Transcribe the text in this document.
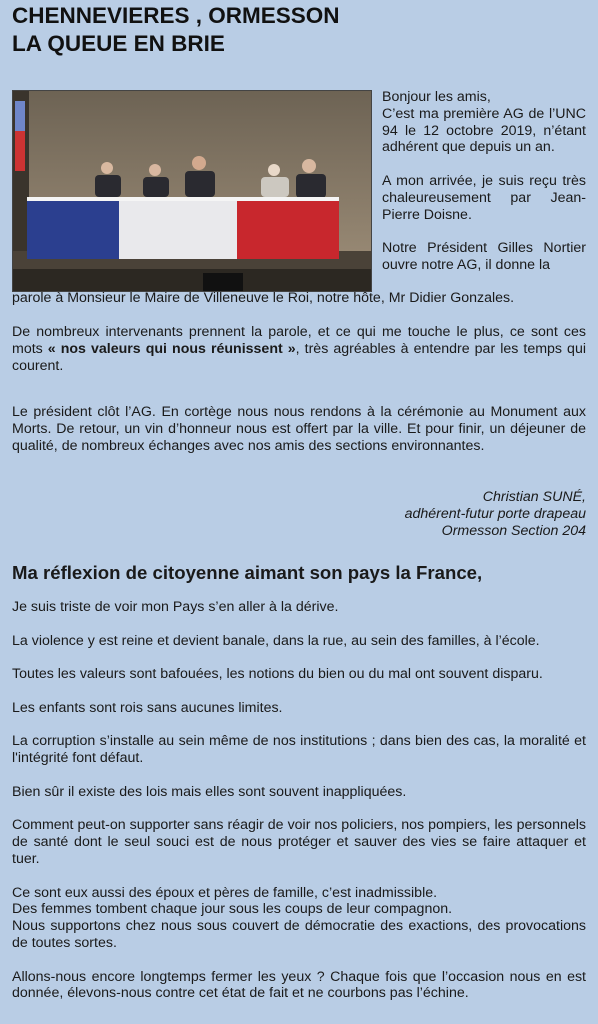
CHENNEVIERES , ORMESSON
LA QUEUE EN BRIE

Bonjour les amis,

C’est ma première AG de l’UNC 94 le 12 octobre 2019, n’étant adhérent que depuis un an.

A mon arrivée, je suis reçu très chaleureusement par Jean-Pierre Doisne.

Notre Président Gilles Nortier ouvre notre AG, il donne la

parole à Monsieur le Maire de Villeneuve le Roi, notre hôte, Mr Didier Gonzales.
De nombreux intervenants prennent la parole, et ce qui me touche le plus, ce sont ces mots « nos valeurs qui nous réunissent », très agréables à entendre par les temps qui courent.
Le président clôt l’AG. En cortège nous nous rendons à la cérémonie au Monument aux Morts. De retour, un vin d’honneur nous est offert par la ville. Et pour finir, un déjeuner de qualité, de nombreux échanges avec nos amis des sections environnantes.
Christian SUNÉ,
adhérent-futur porte drapeau
Ormesson Section 204
Ma réflexion de citoyenne aimant son pays la France,

Je suis triste de voir mon Pays s’en aller à la dérive.

La violence y est reine et devient banale, dans la rue, au sein des familles, à l’école.

Toutes les valeurs sont bafouées, les notions du bien ou du mal ont souvent disparu.

Les enfants sont rois sans aucunes limites.

La corruption s’installe au sein même de nos institutions ; dans bien des cas, la moralité et l'intégrité font défaut.

Bien sûr il existe des lois mais elles sont souvent inappliquées.

Comment peut-on supporter sans réagir de voir nos policiers, nos pompiers, les personnels de santé dont le seul souci est de nous protéger et sauver des vies se faire attaquer et tuer.

Ce sont eux aussi des époux et pères de famille, c’est inadmissible.
Des femmes tombent chaque jour sous les coups de leur compagnon.
Nous supportons chez nous sous couvert de démocratie des exactions, des provocations de toutes sortes.

Allons-nous encore longtemps fermer les yeux ? Chaque fois que l’occasion nous en est donnée, élevons-nous contre cet état de fait et ne courbons pas l’échine.
